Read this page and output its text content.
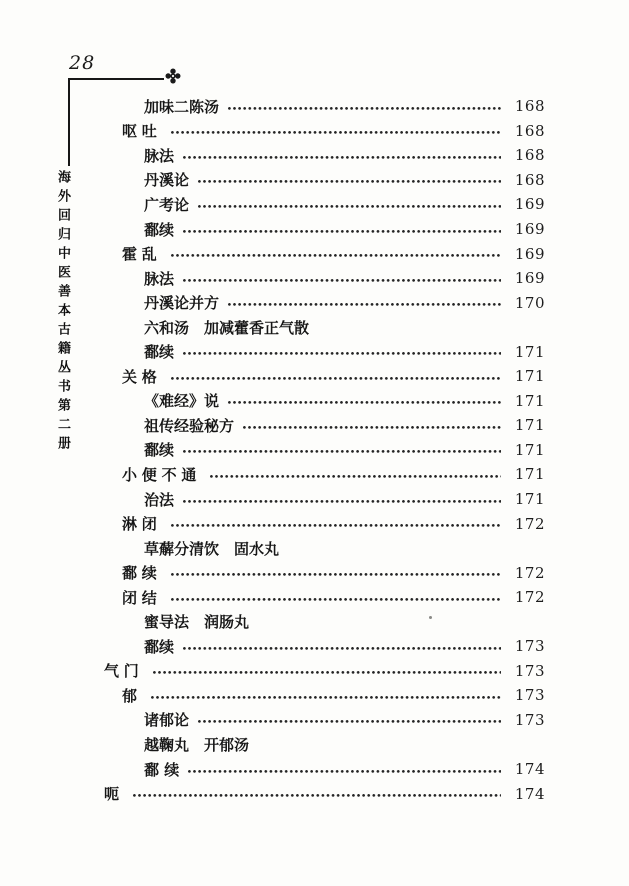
28
海外回归中医善本古籍丛书第二册
加味二陈汤	168
呕吐	168
脉法	168
丹溪论	168
广考论	169
鄱续	169
霍乱	169
脉法	169
丹溪论并方	170
六和汤　加减藿香正气散
鄱续	171
关格	171
《难经》说	171
祖传经验秘方	171
鄱续	171
小便不通	171
治法	171
淋闭	172
草薢分清饮　固水丸
鄱续	172
闭结	172
蜜导法　润肠丸
鄱续	173
气门	173
郁	173
诸郁论	173
越鞠丸　开郁汤
鄱 续	174
呃	174
